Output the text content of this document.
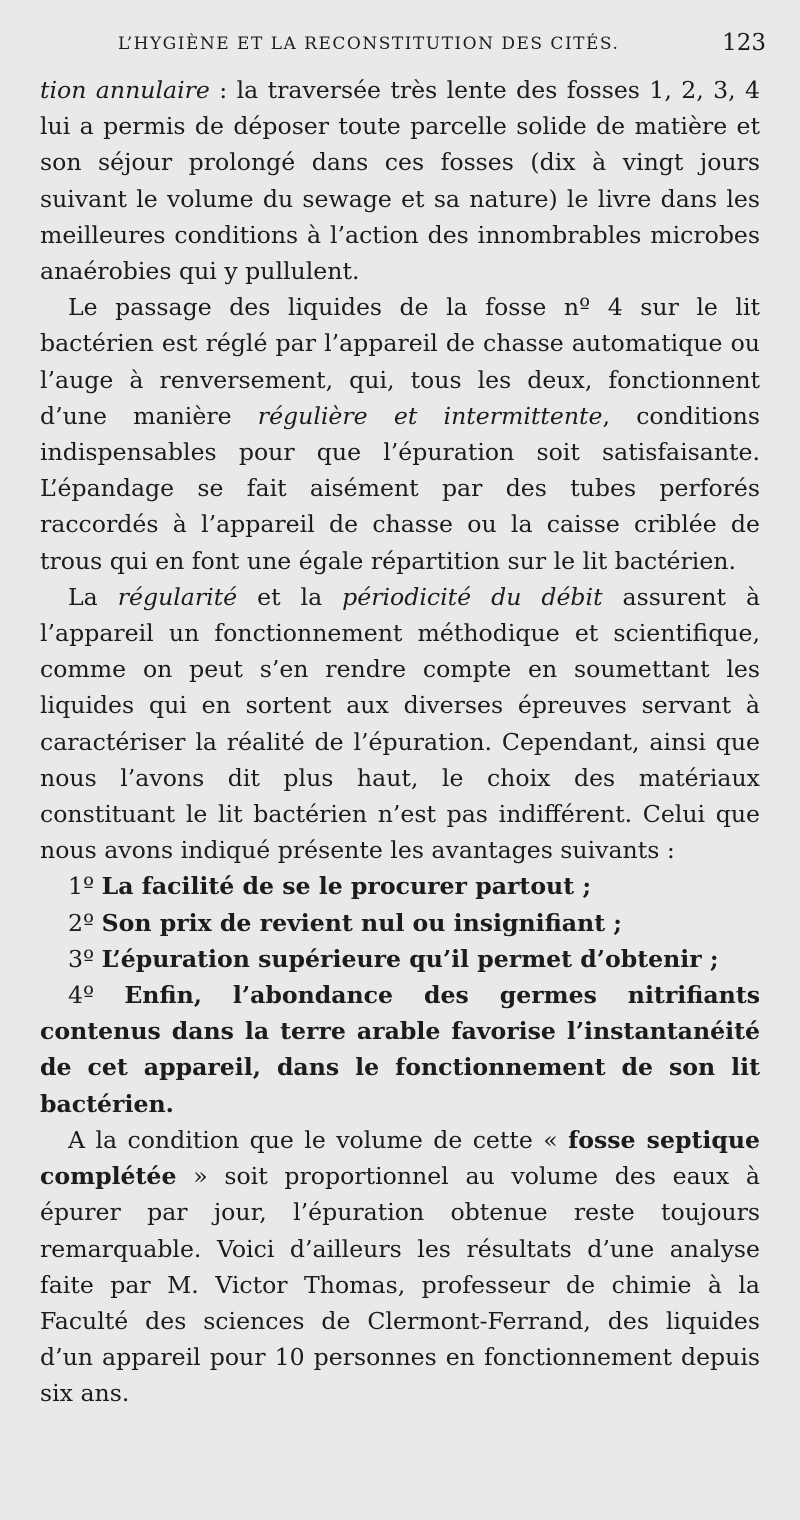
L’HYGIÈNE ET LA RECONSTITUTION DES CITÉS.	123

tion annulaire : la traversée très lente des fosses 1, 2, 3, 4 lui a permis de déposer toute parcelle solide de matière et son séjour prolongé dans ces fosses (dix à vingt jours suivant le volume du sewage et sa nature) le livre dans les meilleures conditions à l’action des innombrables microbes anaérobies qui y pullulent.

Le passage des liquides de la fosse nº 4 sur le lit bactérien est réglé par l’appareil de chasse automatique ou l’auge à renversement, qui, tous les deux, fonctionnent d’une manière régulière et intermittente, conditions indispensables pour que l’épuration soit satisfaisante. L’épandage se fait aisément par des tubes perforés raccordés à l’appareil de chasse ou la caisse criblée de trous qui en font une égale répartition sur le lit bactérien.

La régularité et la périodicité du débit assurent à l’appareil un fonctionnement méthodique et scientifique, comme on peut s’en rendre compte en soumettant les liquides qui en sortent aux diverses épreuves servant à caractériser la réalité de l’épuration. Cependant, ainsi que nous l’avons dit plus haut, le choix des matériaux constituant le lit bactérien n’est pas indifférent. Celui que nous avons indiqué présente les avantages suivants :

1º La facilité de se le procurer partout ;

2º Son prix de revient nul ou insignifiant ;

3º L’épuration supérieure qu’il permet d’obtenir ;

4º Enfin, l’abondance des germes nitrifiants contenus dans la terre arable favorise l’instantanéité de cet appareil, dans le fonctionnement de son lit bactérien.

A la condition que le volume de cette « fosse septique complétée » soit proportionnel au volume des eaux à épurer par jour, l’épuration obtenue reste toujours remarquable. Voici d’ailleurs les résultats d’une analyse faite par M. Victor Thomas, professeur de chimie à la Faculté des sciences de Clermont-Ferrand, des liquides d’un appareil pour 10 personnes en fonctionnement depuis six ans.
